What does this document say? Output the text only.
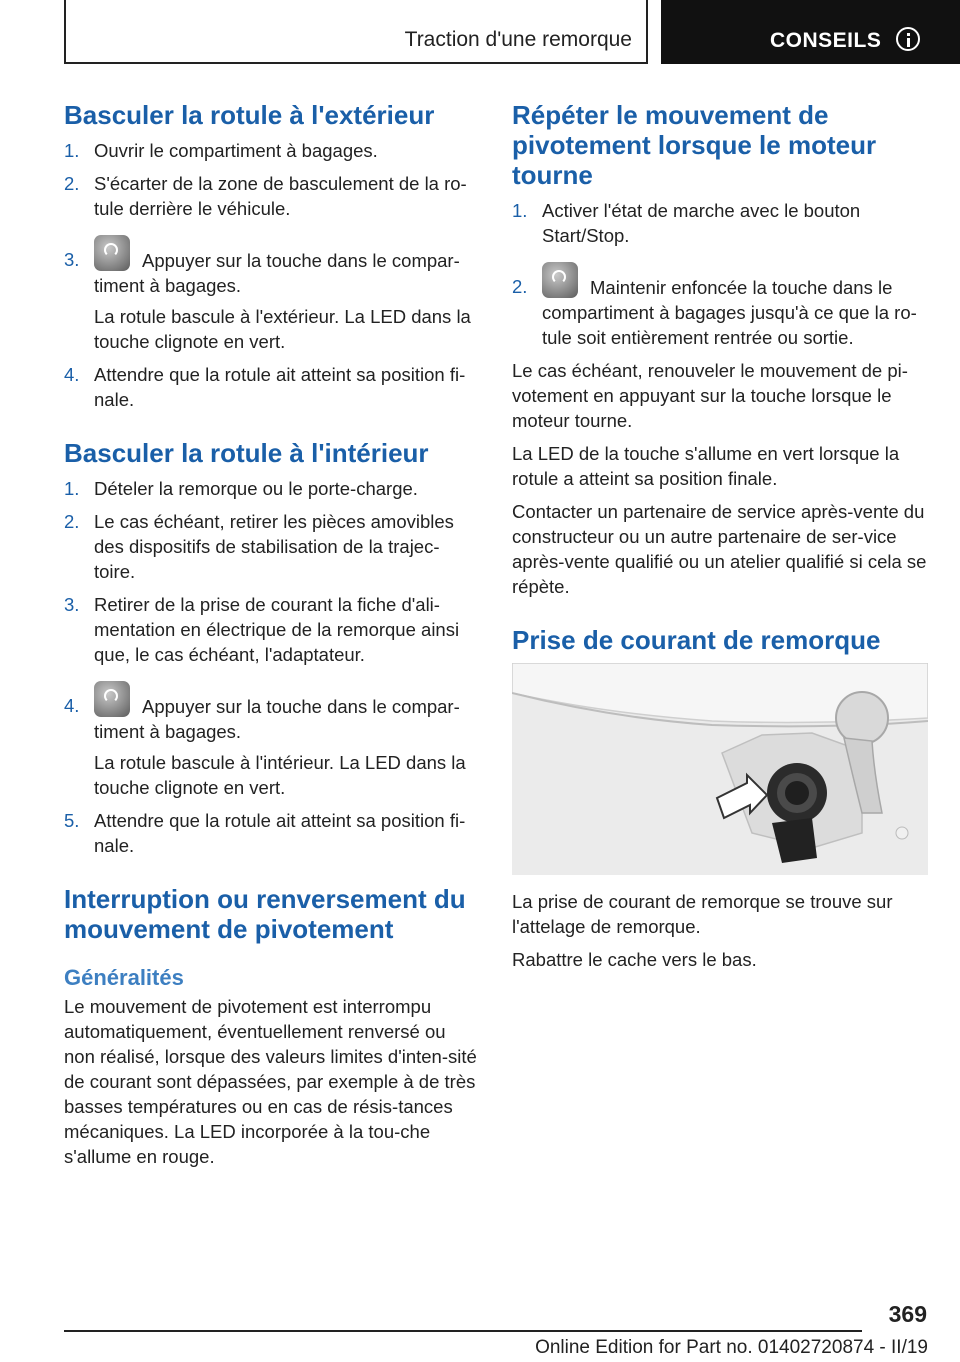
Traction d'une remorque	CONSEILS
Basculer la rotule à l'extérieur
1. Ouvrir le compartiment à bagages.
2. S'écarter de la zone de basculement de la ro‐tule derrière le véhicule.
3.	Appuyer sur la touche dans le compar‐timent à bagages.
La rotule bascule à l'extérieur. La LED dans la touche clignote en vert.
4. Attendre que la rotule ait atteint sa position fi‐nale.
Basculer la rotule à l'intérieur
1. Dételer la remorque ou le porte-charge.
2. Le cas échéant, retirer les pièces amovibles des dispositifs de stabilisation de la trajec‐toire.
3. Retirer de la prise de courant la fiche d'ali‐mentation en électrique de la remorque ainsi que, le cas échéant, l'adaptateur.
4.	Appuyer sur la touche dans le compar‐timent à bagages.
La rotule bascule à l'intérieur. La LED dans la touche clignote en vert.
5. Attendre que la rotule ait atteint sa position fi‐nale.
Interruption ou renversement du mouvement de pivotement
Généralités

Le mouvement de pivotement est interrompu automatiquement, éventuellement renversé ou non réalisé, lorsque des valeurs limites d'inten‐sité de courant sont dépassées, par exemple à de très basses températures ou en cas de résis‐tances mécaniques. La LED incorporée à la tou‐che s'allume en rouge.

Répéter le mouvement de pivotement lorsque le moteur tourne
1. Activer l'état de marche avec le bouton Start/Stop.
2.	Maintenir enfoncée la touche dans le compartiment à bagages jusqu'à ce que la ro‐tule soit entièrement rentrée ou sortie.

Le cas échéant, renouveler le mouvement de pi‐votement en appuyant sur la touche lorsque le moteur tourne.

La LED de la touche s'allume en vert lorsque la rotule a atteint sa position finale.

Contacter un partenaire de service après-vente du constructeur ou un autre partenaire de ser‐vice après-vente qualifié ou un atelier qualifié si cela se répète.

Prise de courant de remorque

La prise de courant de remorque se trouve sur l'attelage de remorque.

Rabattre le cache vers le bas.

369
Online Edition for Part no. 01402720874 - II/19
